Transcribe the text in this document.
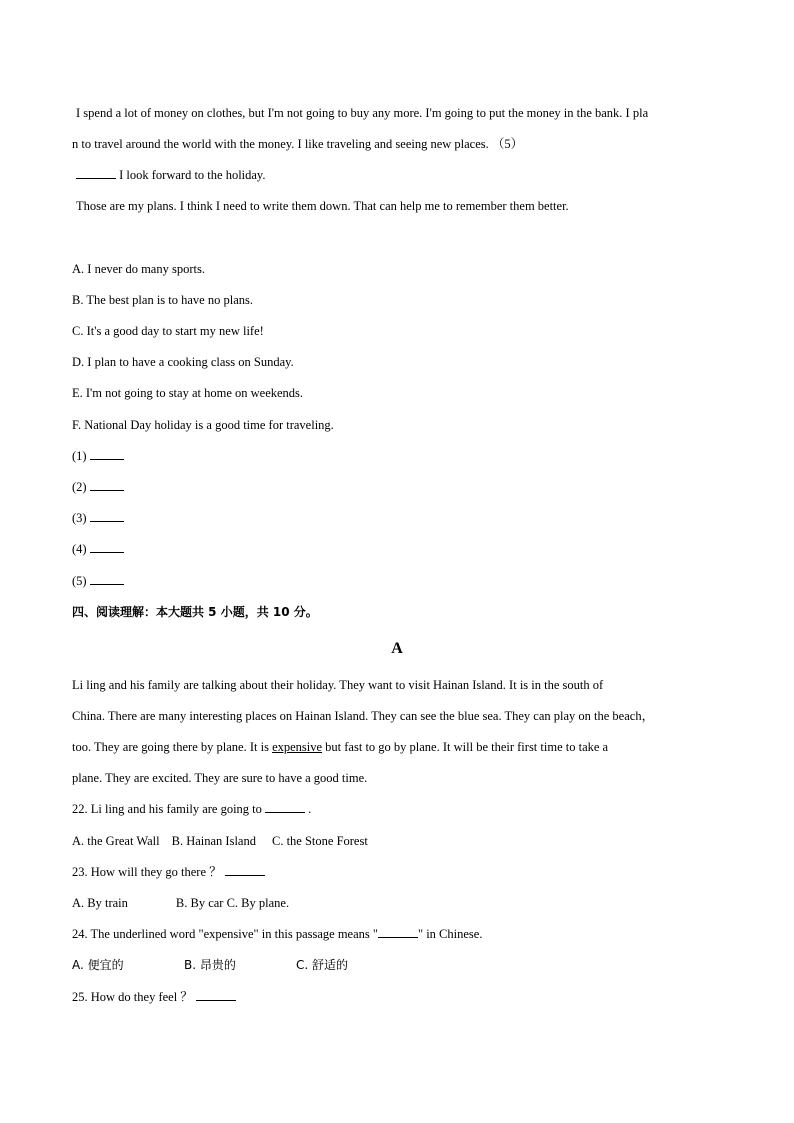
I spend a lot of money on clothes, but I'm not going to buy any more. I'm going to put the money in the bank. I pla
n to travel around the world with the money. I like traveling and seeing new places. （5）
I look forward to the holiday.
Those are my plans. I think I need to write them down. That can help me to remember them better.
A. I never do many sports.
B. The best plan is to have no plans.
C. It's a good day to start my new life!
D. I plan to have a cooking class on Sunday.
E. I'm not going to stay at home on weekends.
F. National Day holiday is a good time for traveling.
(1)
(2)
(3)
(4)
(5)
四、阅读理解：本大题共 5 小题，共 10 分。
A
Li ling and his family are talking about their holiday. They want to visit Hainan Island. It is in the south of
China. There are many interesting places on Hainan Island. They can see the blue sea. They can play on the beach，
too. They are going there by plane. It is expensive but fast to go by plane. It will be their first time to take a
plane. They are excited. They are sure to have a good time.
22. Li ling and his family are going to	.
A. the Great Wall B. Hainan Island C. the Stone Forest
23. How will they go there ？
A. By train	B. By car C. By plane.
24. The underlined word "expensive" in this passage means "	" in Chinese.
A. 便宜的	B. 昂贵的	C. 舒适的
25. How do they feel ？
